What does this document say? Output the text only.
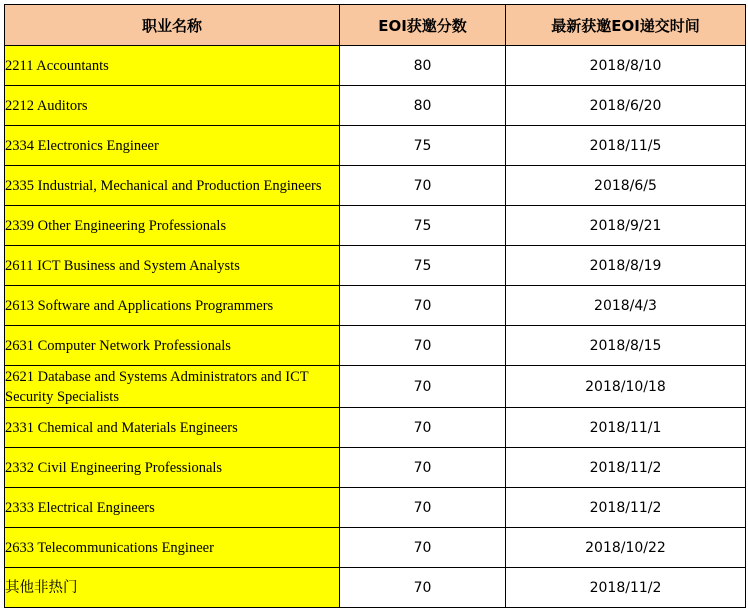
职业名称	EOI获邀分数	最新获邀EOI递交时间
2211 Accountants	80	2018/8/10
2212 Auditors	80	2018/6/20
2334 Electronics Engineer	75	2018/11/5
2335 Industrial, Mechanical and Production Engineers	70	2018/6/5
2339 Other Engineering Professionals	75	2018/9/21
2611 ICT Business and System Analysts	75	2018/8/19
2613 Software and Applications Programmers	70	2018/4/3
2631 Computer Network Professionals	70	2018/8/15
2621 Database and Systems Administrators and ICT Security Specialists	70	2018/10/18
2331 Chemical and Materials Engineers	70	2018/11/1
2332 Civil Engineering Professionals	70	2018/11/2
2333 Electrical Engineers	70	2018/11/2
2633 Telecommunications Engineer	70	2018/10/22
其他非热门	70	2018/11/2
